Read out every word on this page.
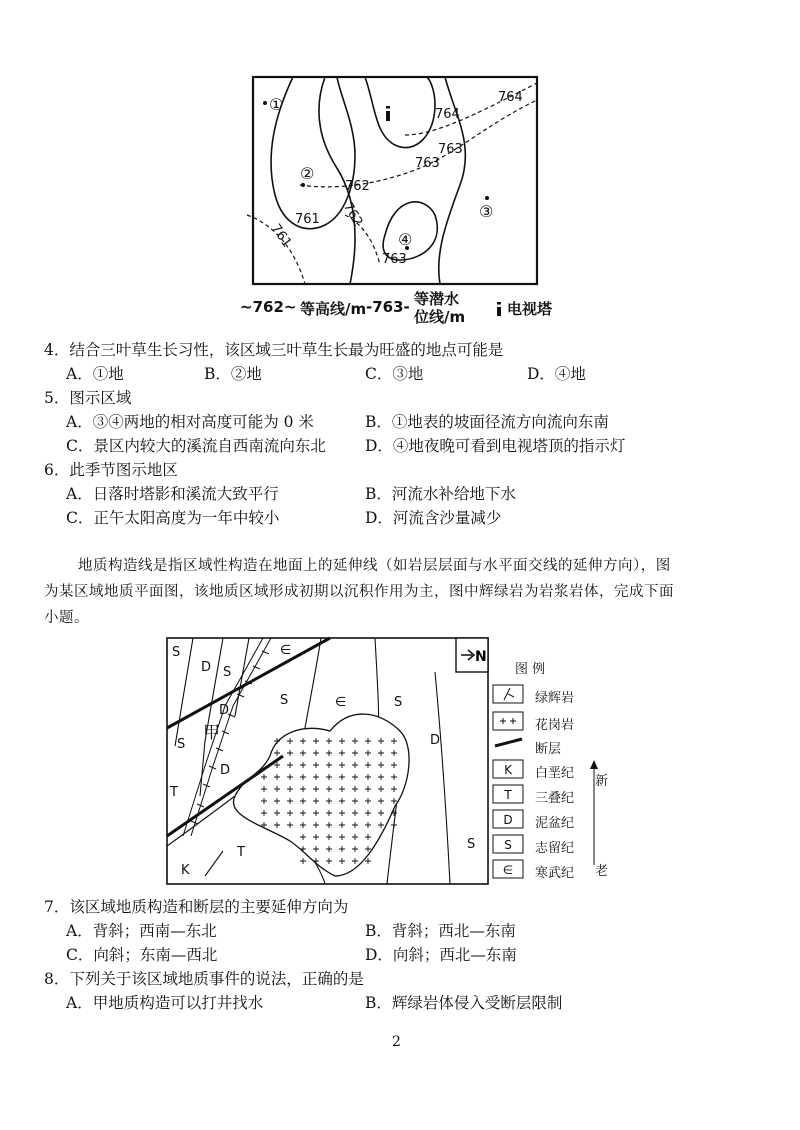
764
764
763
763
762
762
761
761
763
①
②
③
④
~762~ 等高线/m -763- 等潜水
位线/m	电视塔
4．结合三叶草生长习性，该区域三叶草生长最为旺盛的地点可能是
A．①地	B．②地	C．③地	D．④地
5．图示区域
A．③④两地的相对高度可能为 0 米	B．①地表的坡面径流方向流向东南
C．景区内较大的溪流自西南流向东北	D．④地夜晚可看到电视塔顶的指示灯
6．此季节图示地区
A．日落时塔影和溪流大致平行	B．河流水补给地下水
C．正午太阳高度为一年中较小	D．河流含沙量减少
地质构造线是指区域性构造在地面上的延伸线（如岩层层面与水平面交线的延伸方向），图
为某区域地质平面图，该地质区域形成初期以沉积作用为主，图中辉绿岩为岩浆岩体，完成下面
小题。
N
S
D S
∈
D
S	∈	S
D
甲
S
D
T
T
K
S
图 例
K
T
D
S
∈
绿辉岩
花岗岩
断层
白垩纪
三叠纪
泥盆纪
志留纪
寒武纪
新
老
7．该区域地质构造和断层的主要延伸方向为
A．背斜；西南—东北	B．背斜；西北—东南
C．向斜；东南—西北	D．向斜；西北—东南
8．下列关于该区域地质事件的说法，正确的是
A．甲地质构造可以打井找水	B．辉绿岩体侵入受断层限制
2
